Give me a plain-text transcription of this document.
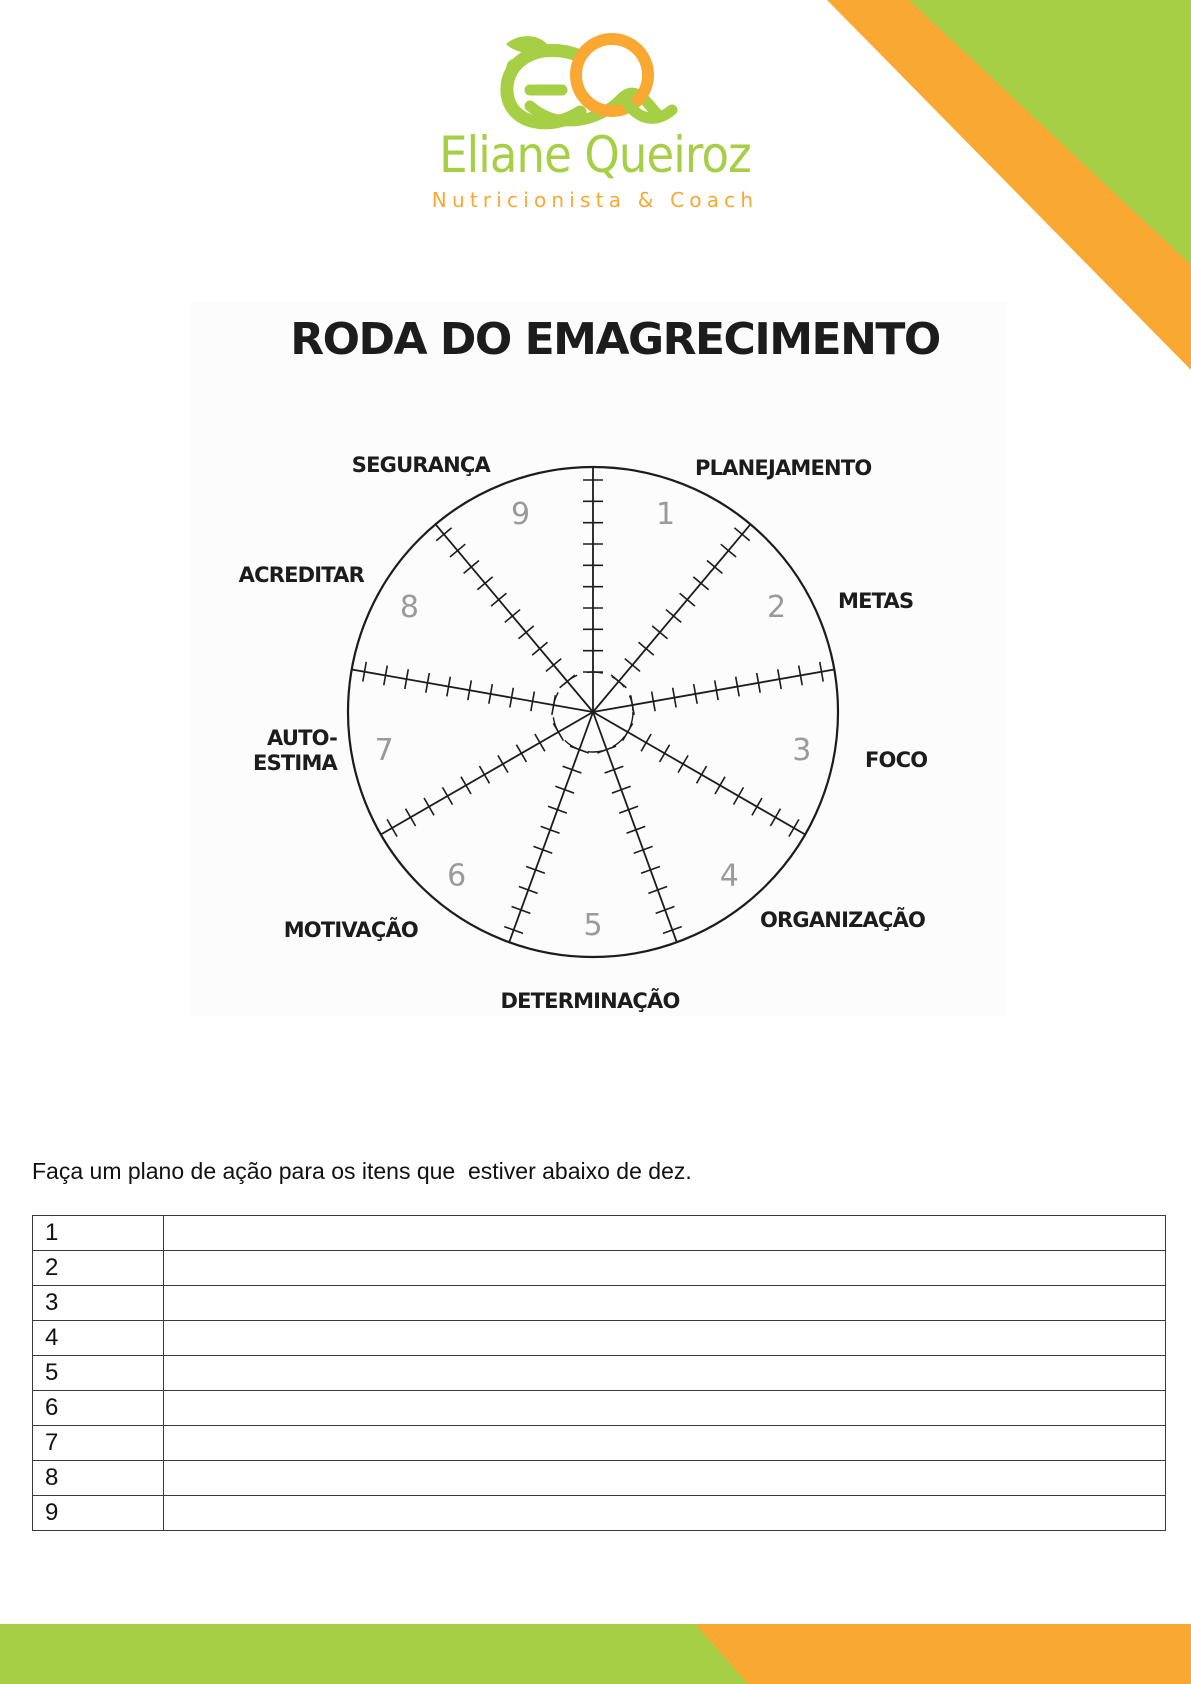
Eliane Queiroz
Nutricionista & Coach
RODA DO EMAGRECIMENTO
1
PLANEJAMENTO
2 METAS
3	FOCO
4
ORGANIZAÇÃO
5
DETERMINAÇÃO
6
MOTIVAÇÃO
7
AUTO-ESTIMA
8
ACREDITAR
9
SEGURANÇA
Faça um plano de ação para os itens que  estiver abaixo de dez.
1	
2	
3	
4	
5	
6	
7	
8	
9	
